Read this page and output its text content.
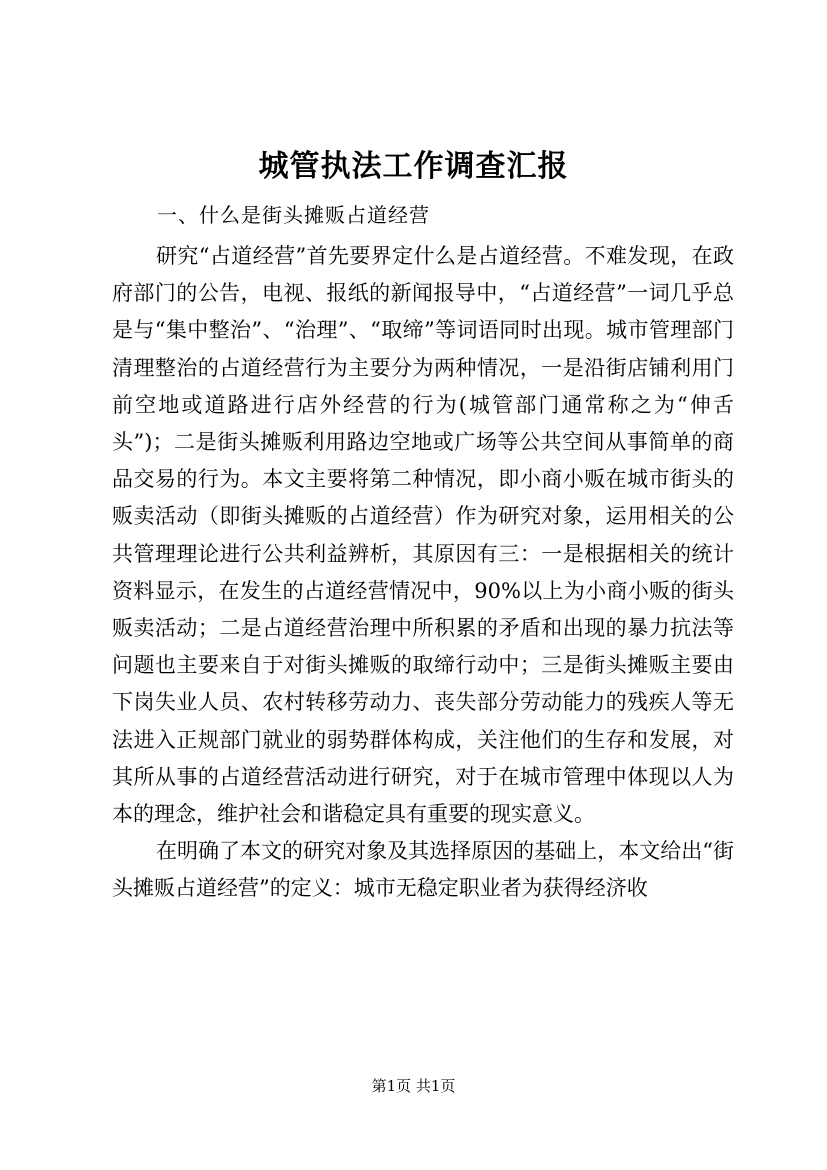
城管执法工作调查汇报
一、什么是街头摊贩占道经营

研究“占道经营”首先要界定什么是占道经营。不难发现，在政府部门的公告，电视、报纸的新闻报导中，“占道经营”一词几乎总是与“集中整治”、“治理”、“取缔”等词语同时出现。城市管理部门清理整治的占道经营行为主要分为两种情况，一是沿街店铺利用门前空地或道路进行店外经营的行为(城管部门通常称之为“伸舌头”)；二是街头摊贩利用路边空地或广场等公共空间从事简单的商品交易的行为。本文主要将第二种情况，即小商小贩在城市街头的贩卖活动（即街头摊贩的占道经营）作为研究对象，运用相关的公共管理理论进行公共利益辨析，其原因有三：一是根据相关的统计资料显示，在发生的占道经营情况中，90%以上为小商小贩的街头贩卖活动；二是占道经营治理中所积累的矛盾和出现的暴力抗法等问题也主要来自于对街头摊贩的取缔行动中；三是街头摊贩主要由下岗失业人员、农村转移劳动力、丧失部分劳动能力的残疾人等无法进入正规部门就业的弱势群体构成，关注他们的生存和发展，对其所从事的占道经营活动进行研究，对于在城市管理中体现以人为本的理念，维护社会和谐稳定具有重要的现实意义。

在明确了本文的研究对象及其选择原因的基础上，本文给出“街头摊贩占道经营”的定义：城市无稳定职业者为获得经济收

第1页 共1页
